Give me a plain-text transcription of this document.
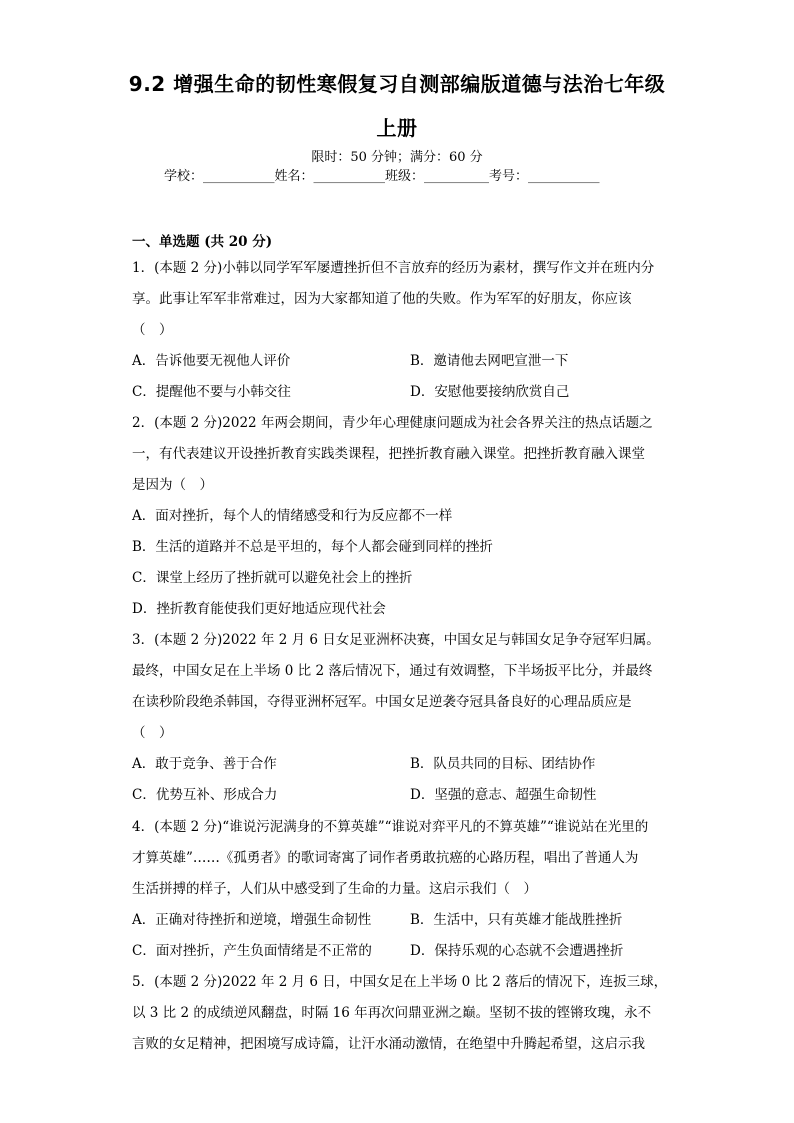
9.2 增强生命的韧性寒假复习自测部编版道德与法治七年级
上册
限时：50 分钟；满分：60 分
学校：___________姓名：___________班级：__________考号：___________
一、单选题 (共 20 分)
1．(本题 2 分)小韩以同学军军屡遭挫折但不言放弃的经历为素材，撰写作文并在班内分
享。此事让军军非常难过，因为大家都知道了他的失败。作为军军的好朋友，你应该
（　）
A．告诉他要无视他人评价	B．邀请他去网吧宣泄一下
C．提醒他不要与小韩交往	D．安慰他要接纳欣赏自己
2．(本题 2 分)2022 年两会期间，青少年心理健康问题成为社会各界关注的热点话题之
一，有代表建议开设挫折教育实践类课程，把挫折教育融入课堂。把挫折教育融入课堂
是因为（　）
A．面对挫折，每个人的情绪感受和行为反应都不一样
B．生活的道路并不总是平坦的，每个人都会碰到同样的挫折
C．课堂上经历了挫折就可以避免社会上的挫折
D．挫折教育能使我们更好地适应现代社会
3．(本题 2 分)2022 年 2 月 6 日女足亚洲杯决赛，中国女足与韩国女足争夺冠军归属。
最终，中国女足在上半场 0 比 2 落后情况下，通过有效调整，下半场扳平比分，并最终
在读秒阶段绝杀韩国，夺得亚洲杯冠军。中国女足逆袭夺冠具备良好的心理品质应是
（　）
A．敢于竞争、善于合作	B．队员共同的目标、团结协作
C．优势互补、形成合力	D．坚强的意志、超强生命韧性
4．(本题 2 分)“谁说污泥满身的不算英雄”“谁说对弈平凡的不算英雄”“谁说站在光里的
才算英雄”……《孤勇者》的歌词寄寓了词作者勇敢抗癌的心路历程，唱出了普通人为
生活拼搏的样子，人们从中感受到了生命的力量。这启示我们（　）
A．正确对待挫折和逆境，增强生命韧性	B．生活中，只有英雄才能战胜挫折
C．面对挫折，产生负面情绪是不正常的	D．保持乐观的心态就不会遭遇挫折
5．(本题 2 分)2022 年 2 月 6 日，中国女足在上半场 0 比 2 落后的情况下，连扳三球，
以 3 比 2 的成绩逆风翻盘，时隔 16 年再次问鼎亚洲之巅。坚韧不拔的铿锵玫瑰，永不
言败的女足精神，把困境写成诗篇，让汗水涌动激情，在绝望中升腾起希望，这启示我
